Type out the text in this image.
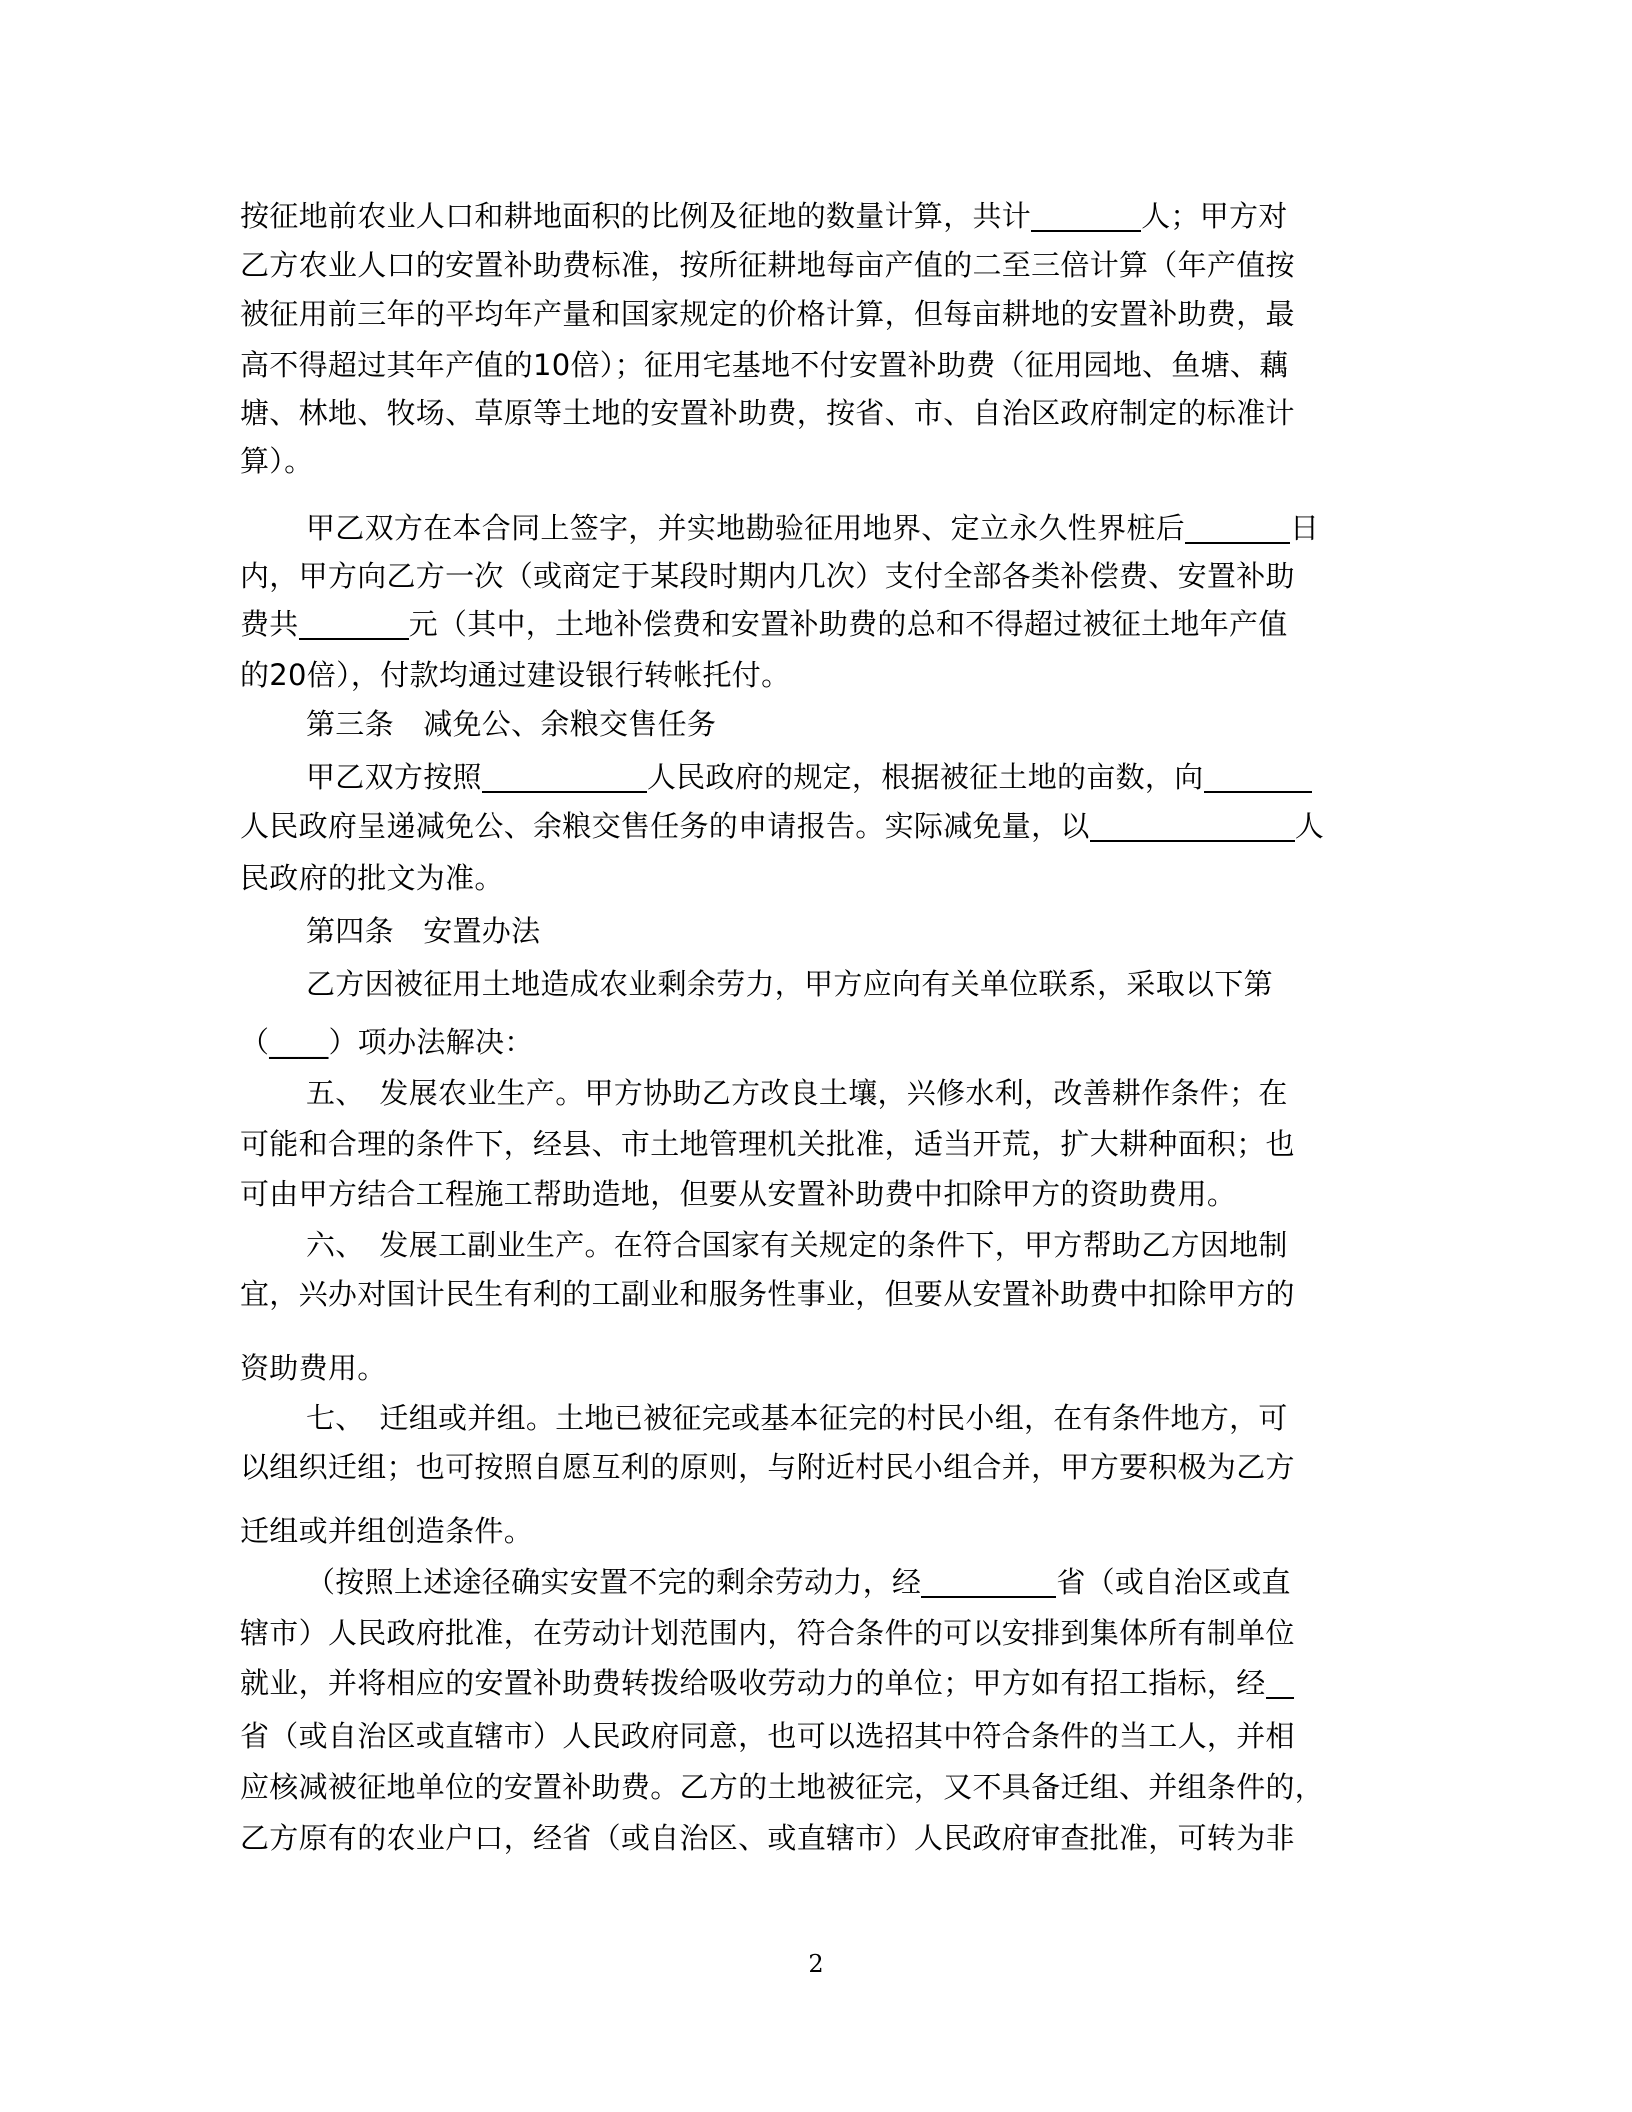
按征地前农业人口和耕地面积的比例及征地的数量计算，共计	人；甲方对
乙方农业人口的安置补助费标准，按所征耕地每亩产值的二至三倍计算（年产值按
被征用前三年的平均年产量和国家规定的价格计算，但每亩耕地的安置补助费，最
高不得超过其年产值的10倍）；征用宅基地不付安置补助费（征用园地、鱼塘、藕
塘、林地、牧场、草原等土地的安置补助费，按省、市、自治区政府制定的标准计
算）。
甲乙双方在本合同上签字，并实地勘验征用地界、定立永久性界桩后	日
内，甲方向乙方一次（或商定于某段时期内几次）支付全部各类补偿费、安置补助
费共	元（其中，土地补偿费和安置补助费的总和不得超过被征土地年产值
的20倍），付款均通过建设银行转帐托付。
第三条　减免公、余粮交售任务
甲乙双方按照	人民政府的规定，根据被征土地的亩数，向
人民政府呈递减免公、余粮交售任务的申请报告。实际减免量，以	人
民政府的批文为准。
第四条　安置办法
乙方因被征用土地造成农业剩余劳力，甲方应向有关单位联系，采取以下第
（____）项办法解决：
五、　发展农业生产。甲方协助乙方改良土壤，兴修水利，改善耕作条件；在
可能和合理的条件下，经县、市土地管理机关批准，适当开荒，扩大耕种面积；也
可由甲方结合工程施工帮助造地，但要从安置补助费中扣除甲方的资助费用。
六、　发展工副业生产。在符合国家有关规定的条件下，甲方帮助乙方因地制
宜，兴办对国计民生有利的工副业和服务性事业，但要从安置补助费中扣除甲方的
资助费用。
七、　迁组或并组。土地已被征完或基本征完的村民小组，在有条件地方，可
以组织迁组；也可按照自愿互利的原则，与附近村民小组合并，甲方要积极为乙方
迁组或并组创造条件。
（按照上述途径确实安置不完的剩余劳动力，经	省（或自治区或直
辖市）人民政府批准，在劳动计划范围内，符合条件的可以安排到集体所有制单位
就业，并将相应的安置补助费转拨给吸收劳动力的单位；甲方如有招工指标，经
省（或自治区或直辖市）人民政府同意，也可以选招其中符合条件的当工人，并相
应核减被征地单位的安置补助费。乙方的土地被征完，又不具备迁组、并组条件的，
乙方原有的农业户口，经省（或自治区、或直辖市）人民政府审查批准，可转为非
2
